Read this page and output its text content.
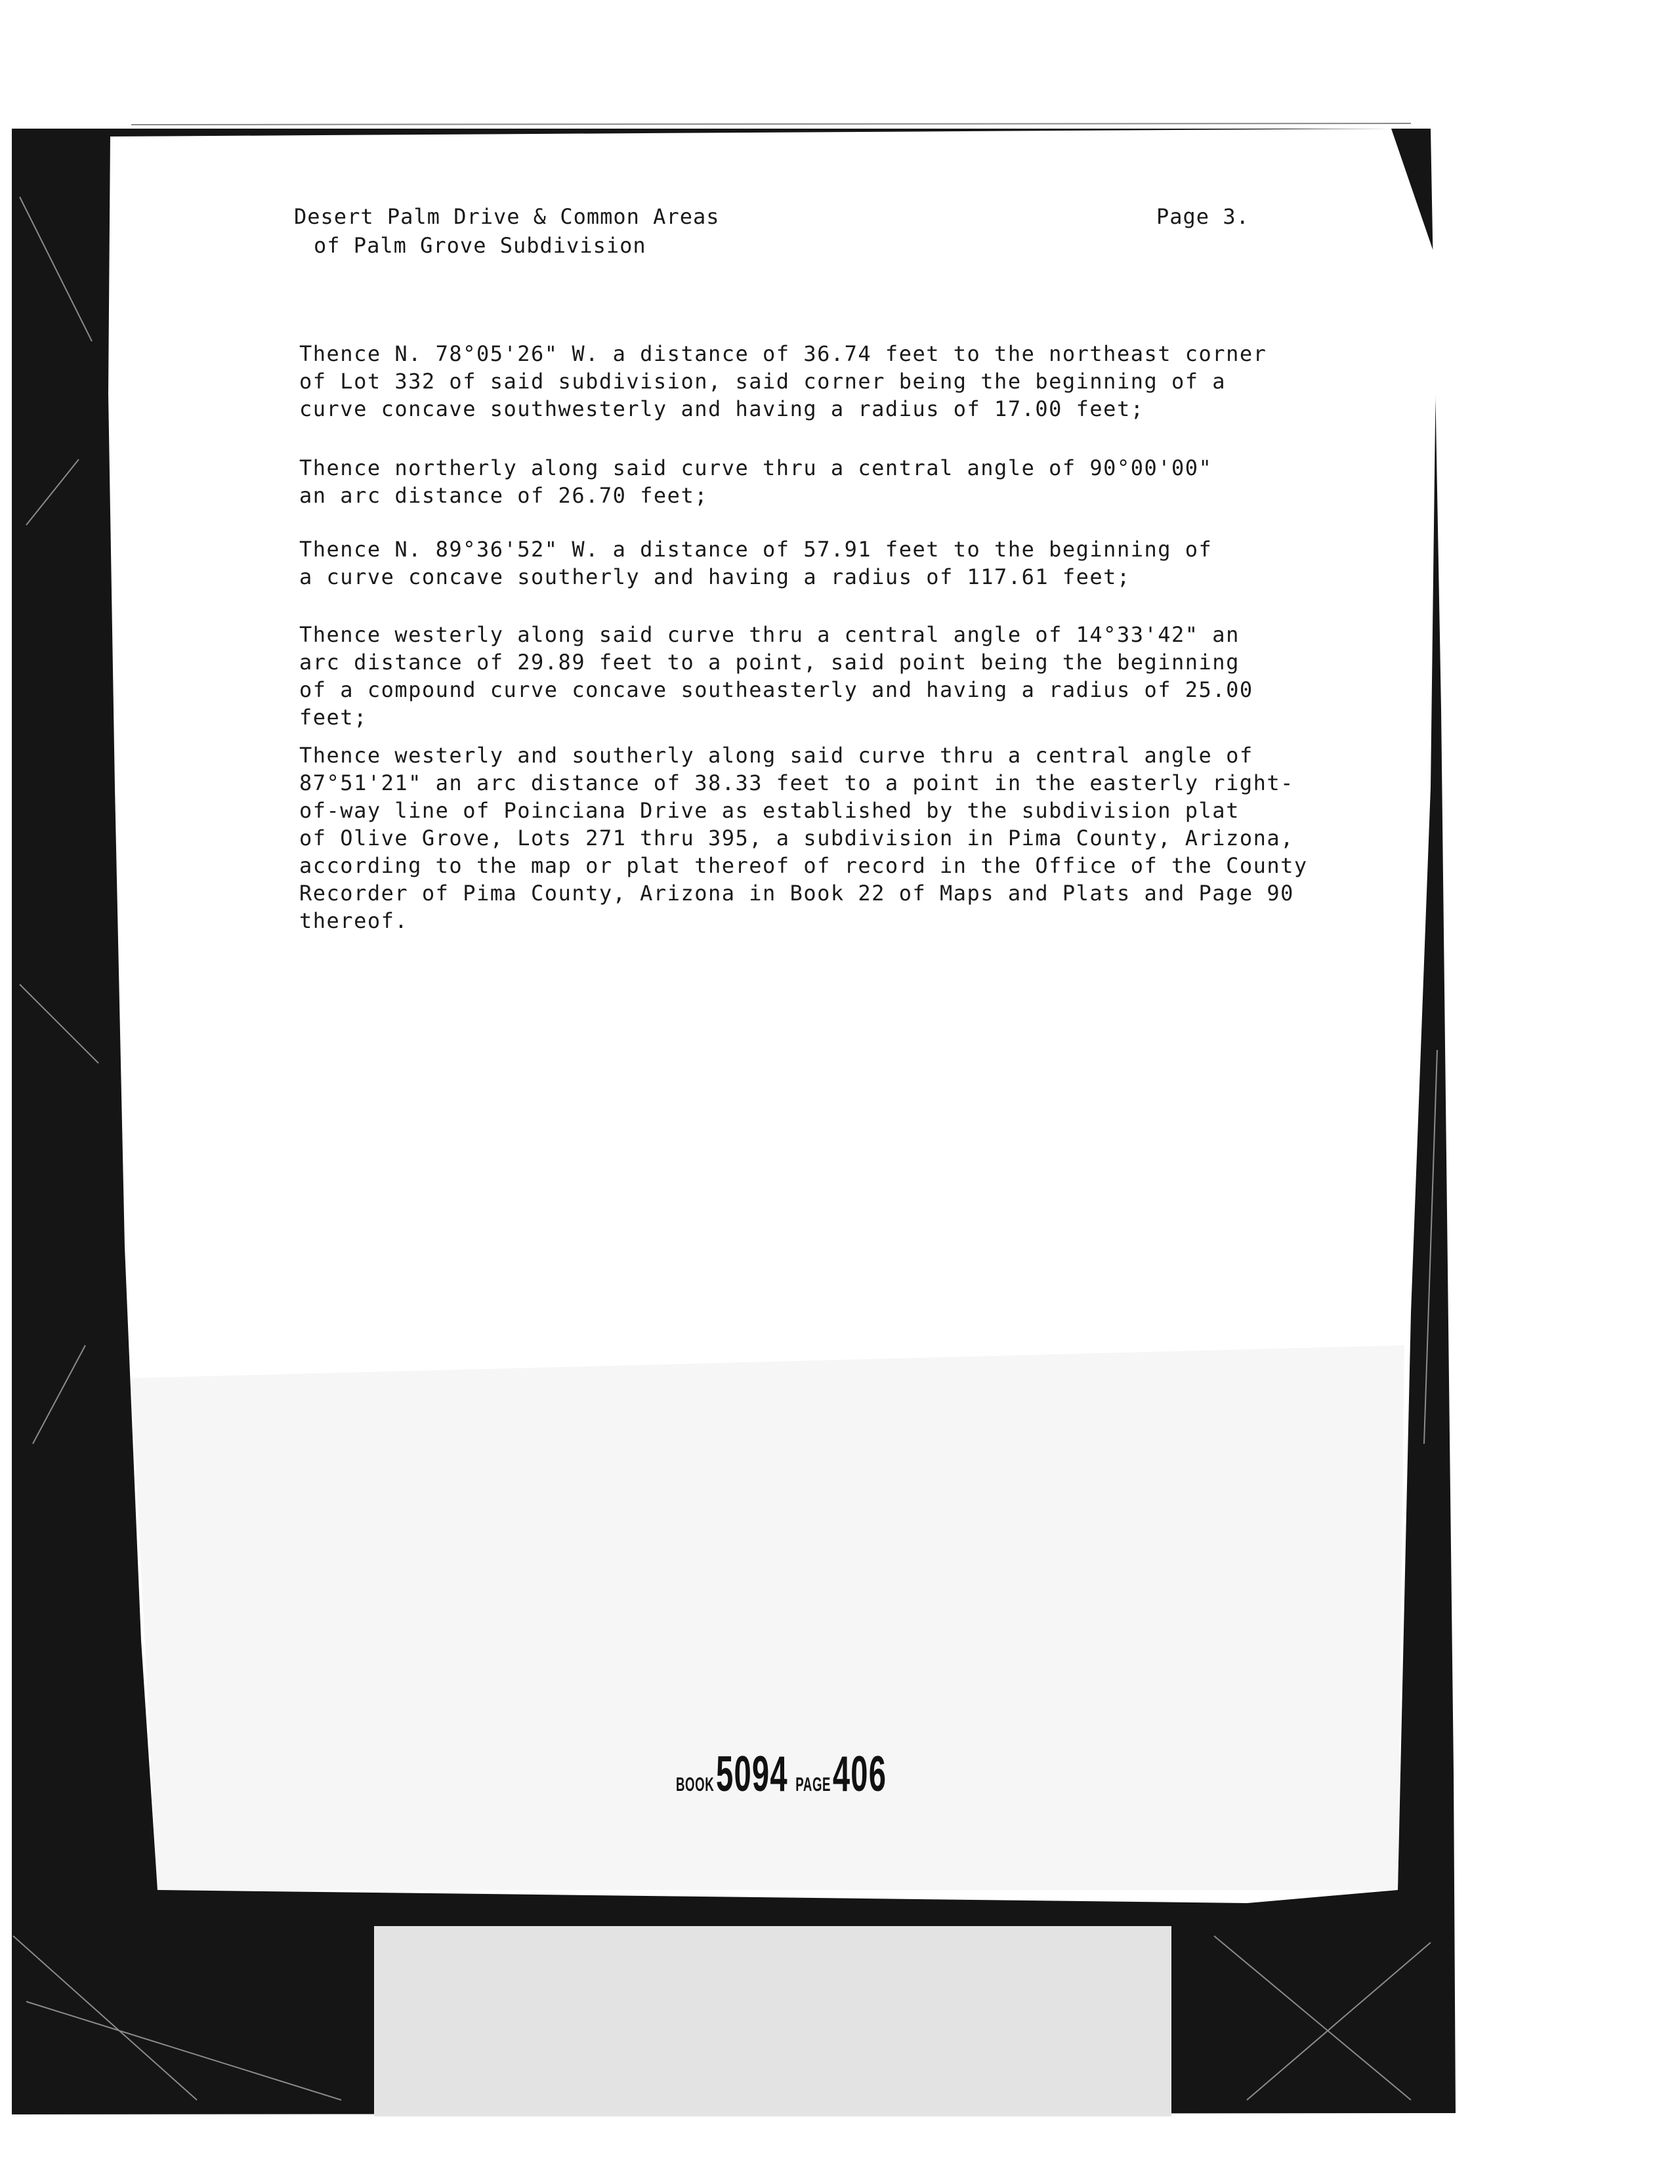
Desert Palm Drive & Common Areas
of Palm Grove Subdivision
Page 3.
Thence N. 78°05'26" W. a distance of 36.74 feet to the northeast corner
of Lot 332 of said subdivision, said corner being the beginning of a
curve concave southwesterly and having a radius of 17.00 feet;
Thence northerly along said curve thru a central angle of 90°00'00"
an arc distance of 26.70 feet;
Thence N. 89°36'52" W. a distance of 57.91 feet to the beginning of
a curve concave southerly and having a radius of 117.61 feet;
Thence westerly along said curve thru a central angle of 14°33'42" an
arc distance of 29.89 feet to a point, said point being the beginning
of a compound curve concave southeasterly and having a radius of 25.00
feet;
Thence westerly and southerly along said curve thru a central angle of
87°51'21" an arc distance of 38.33 feet to a point in the easterly right-
of-way line of Poinciana Drive as established by the subdivision plat
of Olive Grove, Lots 271 thru 395, a subdivision in Pima County, Arizona,
according to the map or plat thereof of record in the Office of the County
Recorder of Pima County, Arizona in Book 22 of Maps and Plats and Page 90
thereof.
BOOK 5094 PAGE 406
